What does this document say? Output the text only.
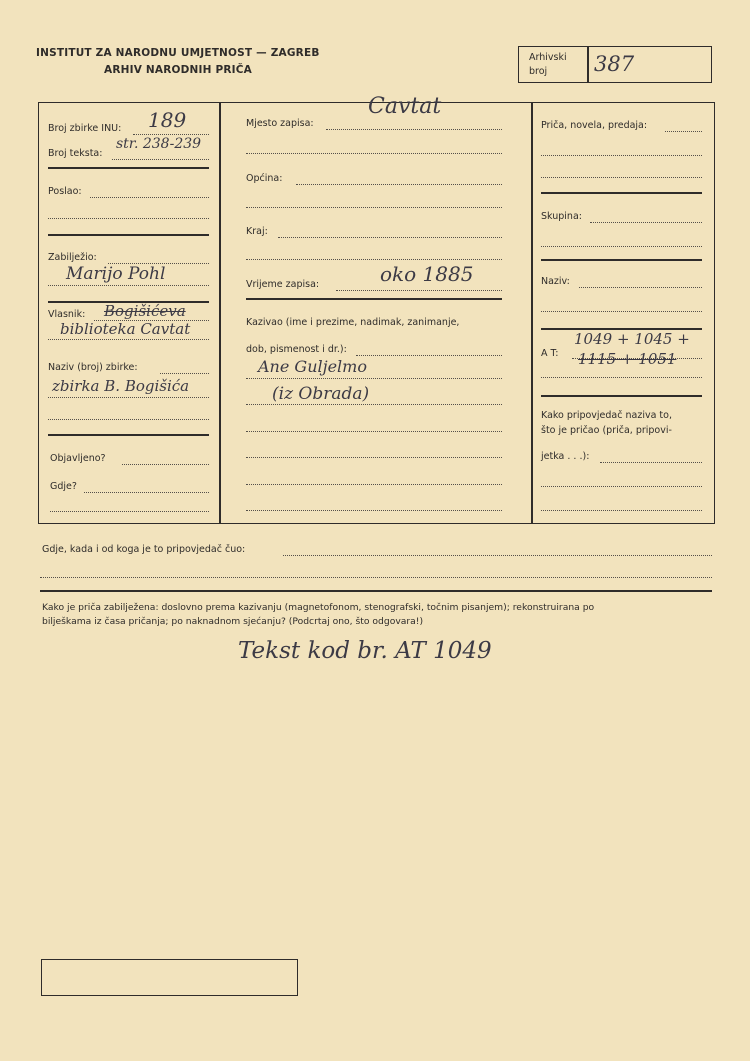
INSTITUT ZA NARODNU UMJETNOST — ZAGREB
ARHIV NARODNIH PRIČA
Arhivski
broj 387
Broj zbirke INU: 189
Broj teksta:
str. 238-239
Poslao:
Zabilježio:
Marijo Pohl
Vlasnik: Bogišićeva
biblioteka Cavtat
Naziv (broj) zbirke:
zbirka B. Bogišića
Objavljeno?
Gdje?
Mjesto zapisa:
Cavtat
Općina:
Kraj:
Vrijeme zapisa:	oko 1885
Kazivao (ime i prezime, nadimak, zanimanje,
dob, pismenost i dr.):
Ane Guljelmo
(iz Obrada)
Priča, novela, predaja:
Skupina:
Naziv:
A T:
1049 + 1045 +
1115 + 1051
Kako pripovjedač naziva to,
što je pričao (priča, pripovi-
jetka . . .):
Gdje, kada i od koga je to pripovjedač čuo:
Kako je priča zabilježena: doslovno prema kazivanju (magnetofonom, stenografski, točnim pisanjem); rekonstruirana po
bilješkama iz časa pričanja; po naknadnom sjećanju? (Podcrtaj ono, što odgovara!)
Tekst kod br. AT 1049
